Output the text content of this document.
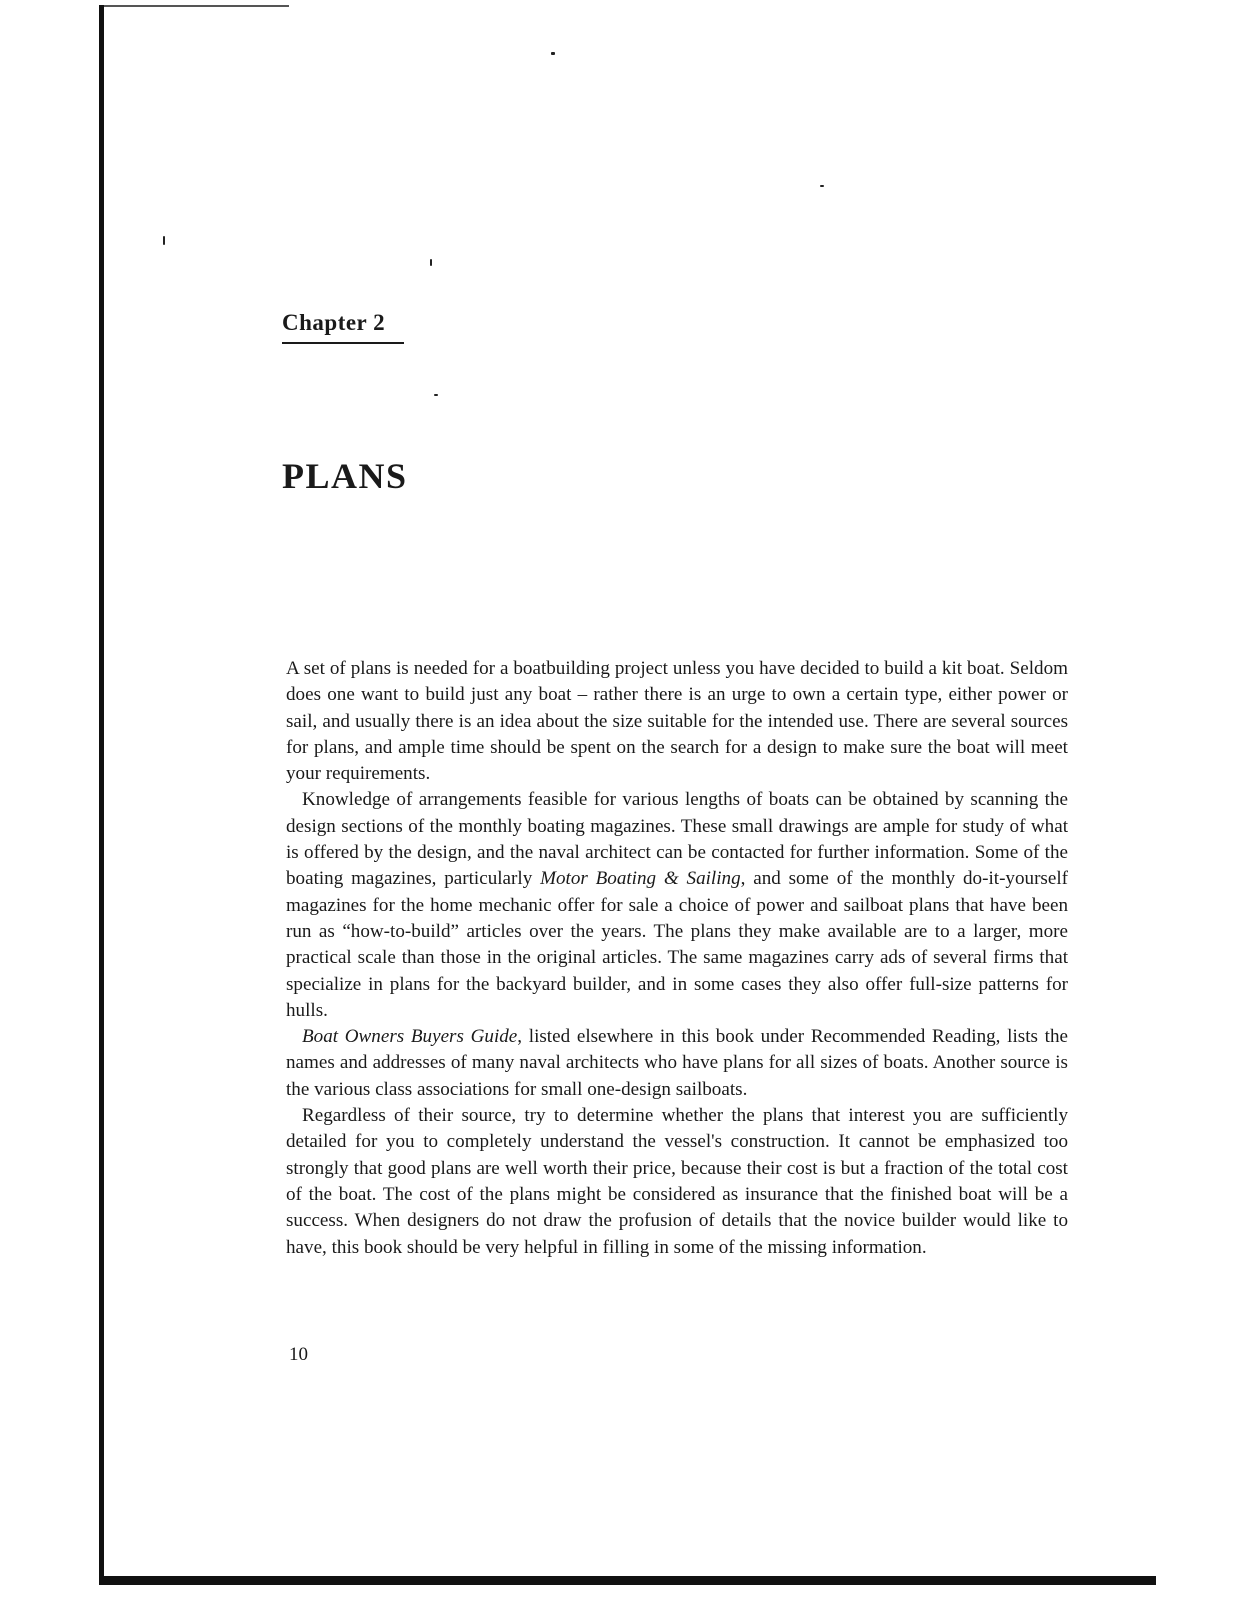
Chapter 2
PLANS

A set of plans is needed for a boatbuilding project unless you have decided to build a kit boat. Seldom does one want to build just any boat – rather there is an urge to own a certain type, either power or sail, and usually there is an idea about the size suitable for the intended use. There are several sources for plans, and ample time should be spent on the search for a design to make sure the boat will meet your requirements.

Knowledge of arrangements feasible for various lengths of boats can be obtained by scanning the design sections of the monthly boating magazines. These small drawings are ample for study of what is offered by the design, and the naval architect can be contacted for further information. Some of the boating magazines, particularly Motor Boating & Sailing, and some of the monthly do-it-yourself magazines for the home mechanic offer for sale a choice of power and sailboat plans that have been run as “how-to-build” articles over the years. The plans they make available are to a larger, more practical scale than those in the original articles. The same magazines carry ads of several firms that specialize in plans for the backyard builder, and in some cases they also offer full-size patterns for hulls.

Boat Owners Buyers Guide, listed elsewhere in this book under Recommended Reading, lists the names and addresses of many naval architects who have plans for all sizes of boats. Another source is the various class associations for small one-design sailboats.

Regardless of their source, try to determine whether the plans that interest you are sufficiently detailed for you to completely understand the vessel's construction. It cannot be emphasized too strongly that good plans are well worth their price, because their cost is but a fraction of the total cost of the boat. The cost of the plans might be considered as insurance that the finished boat will be a success. When designers do not draw the profusion of details that the novice builder would like to have, this book should be very helpful in filling in some of the missing information.

10
